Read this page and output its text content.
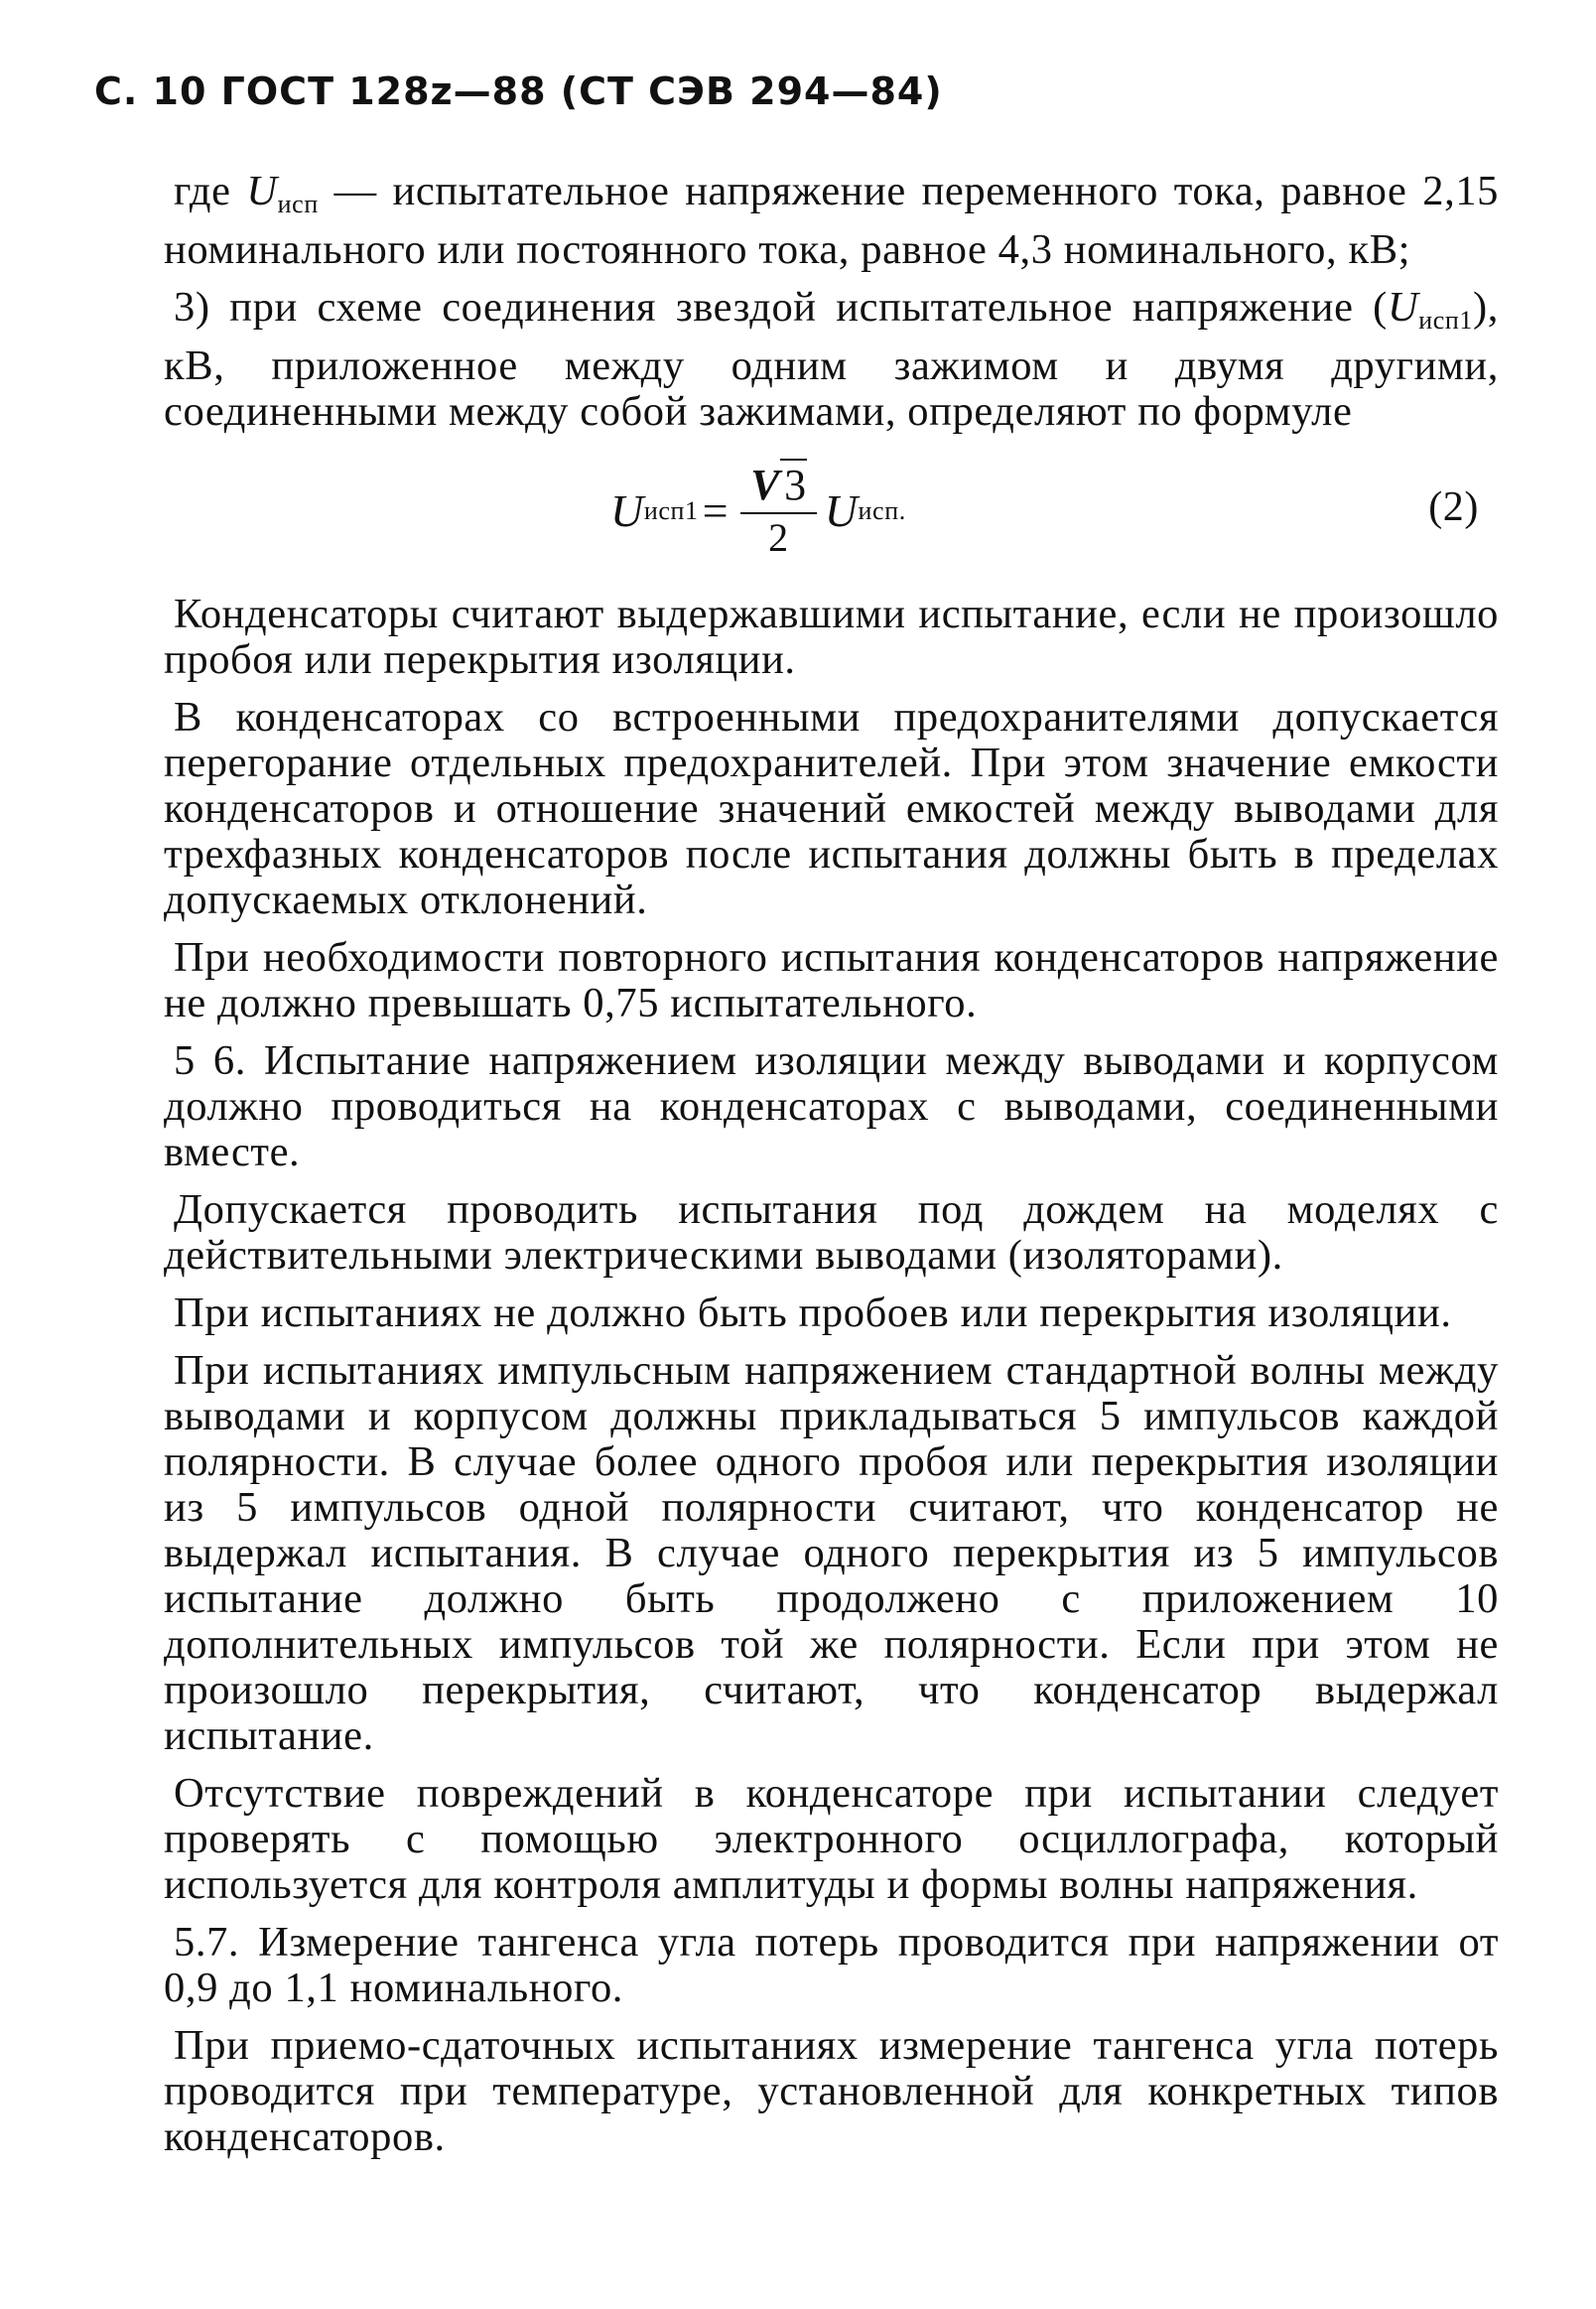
С. 10 ГОСТ 128z—88 (СТ СЭВ 294—84)

где $U_{исп}$ — испытательное напряжение переменного тока, равное 2,15 номинального или постоянного тока, равное 4,3 номинального, кВ;

3) при схеме соединения звездой испытательное напряжение $(U_{исп1})$, кВ, приложенное между одним зажимом и двумя другими, соединенными между собой зажимами, определяют по формуле

U $исп1 = \frac{V3}{2}$ U исп.	(2)

Конденсаторы считают выдержавшими испытание, если не произошло пробоя или перекрытия изоляции.

В конденсаторах со встроенными предохранителями допускается перегорание отдельных предохранителей. При этом значение емкости конденсаторов и отношение значений емкостей между выводами для трехфазных конденсаторов после испытания должны быть в пределах допускаемых отклонений.

При необходимости повторного испытания конденсаторов напряжение не должно превышать 0,75 испытательного.

5 6. Испытание напряжением изоляции между выводами и корпусом должно проводиться на конденсаторах с выводами, соединенными вместе.

Допускается проводить испытания под дождем на моделях с действительными электрическими выводами (изоляторами).

При испытаниях не должно быть пробоев или перекрытия изоляции.

При испытаниях импульсным напряжением стандартной волны между выводами и корпусом должны прикладываться 5 импульсов каждой полярности. В случае более одного пробоя или перекрытия изоляции из 5 импульсов одной полярности считают, что конденсатор не выдержал испытания. В случае одного перекрытия из 5 импульсов испытание должно быть продолжено с приложением 10 дополнительных импульсов той же полярности. Если при этом не произошло перекрытия, считают, что конденсатор выдержал испытание.

Отсутствие повреждений в конденсаторе при испытании следует проверять с помощью электронного осциллографа, который используется для контроля амплитуды и формы волны напряжения.

5.7. Измерение тангенса угла потерь проводится при напряжении от 0,9 до 1,1 номинального.

При приемо-сдаточных испытаниях измерение тангенса угла потерь проводится при температуре, установленной для конкретных типов конденсаторов.
